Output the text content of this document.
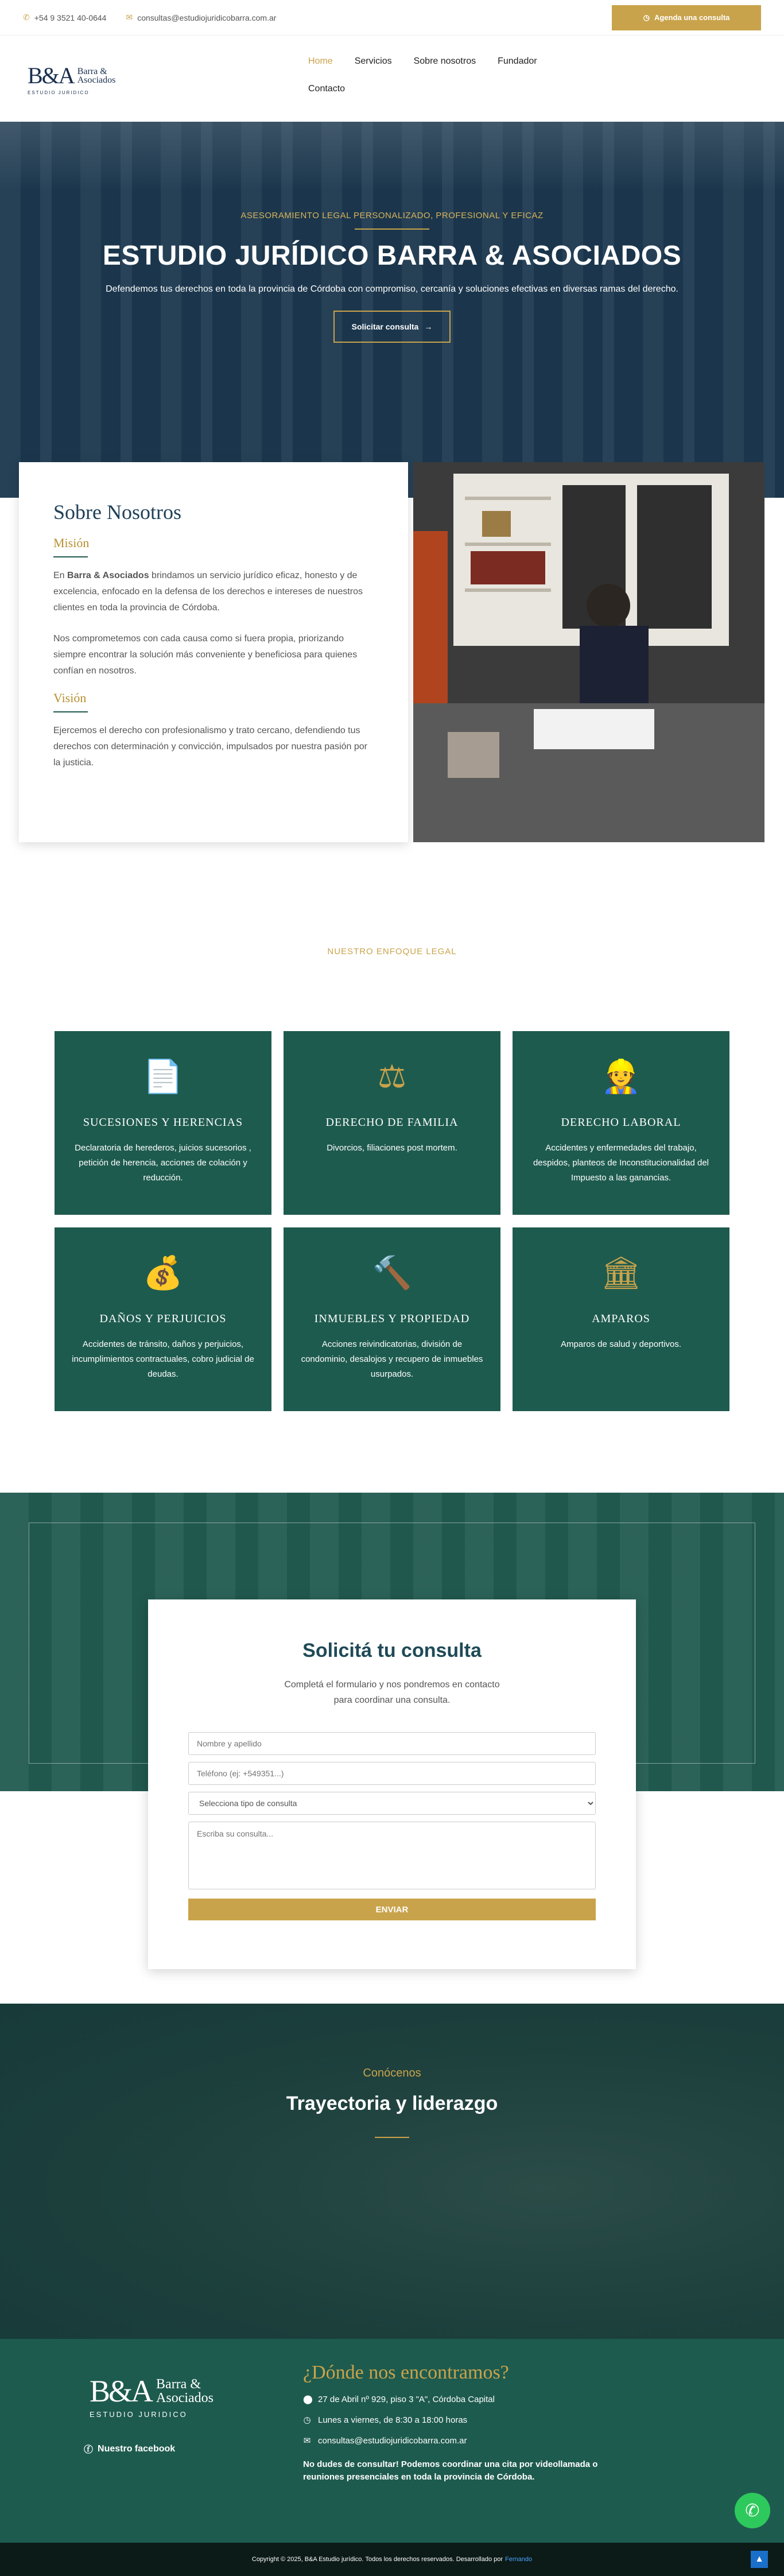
✆ +54 9 3521 40-0644 ✉ consultas@estudiojuridicobarra.com.ar	◷ Agenda una consulta
B&A Barra &
Asociados
ESTUDIO JURIDICO
Home Servicios Sobre nosotros Fundador
Contacto
ASESORAMIENTO LEGAL PERSONALIZADO, PROFESIONAL Y EFICAZ
ESTUDIO JURÍDICO BARRA & ASOCIADOS

Defendemos tus derechos en toda la provincia de Córdoba con compromiso, cercanía y soluciones efectivas en diversas ramas del derecho.

Solicitar consulta →
Sobre Nosotros
Misión

En Barra & Asociados brindamos un servicio jurídico eficaz, honesto y de excelencia, enfocado en la defensa de los derechos e intereses de nuestros clientes en toda la provincia de Córdoba.

Nos comprometemos con cada causa como si fuera propia, priorizando siempre encontrar la solución más conveniente y beneficiosa para quienes confían en nosotros.

Visión

Ejercemos el derecho con profesionalismo y trato cercano, defendiendo tus derechos con determinación y convicción, impulsados por nuestra pasión por la justicia.

NUESTRO ENFOQUE LEGAL
📄
SUCESIONES Y HERENCIAS

Declaratoria de herederos, juicios sucesorios , petición de herencia, acciones de colación y reducción.

⚖
DERECHO DE FAMILIA

Divorcios, filiaciones post mortem.

👷
DERECHO LABORAL

Accidentes y enfermedades del trabajo, despidos, planteos de Inconstitucionalidad del Impuesto a las ganancias.

💰
DAÑOS Y PERJUICIOS

Accidentes de tránsito, daños y perjuicios, incumplimientos contractuales, cobro judicial de deudas.

🔨
INMUEBLES Y PROPIEDAD

Acciones reivindicatorias, división de condominio, desalojos y recupero de inmuebles usurpados.

🏛
AMPAROS

Amparos de salud y deportivos.

Solicitá tu consulta

Completá el formulario y nos pondremos en contacto para coordinar una consulta.

Nombre y apellido
Teléfono (ej: +549351...)
Selecciona tipo de consulta
Escriba su consulta...
ENVIAR
Conócenos
Trayectoria y liderazgo
B&A Barra &
Asociados
ESTUDIO JURIDICO
ⓕ Nuestro facebook
¿Dónde nos encontramos?
⬤ 27 de Abril nº 929, piso 3 "A", Córdoba Capital
◷ Lunes a viernes, de 8:30 a 18:00 horas
✉ consultas@estudiojuridicobarra.com.ar

No dudes de consultar! Podemos coordinar una cita por videollamada o reuniones presenciales en toda la provincia de Córdoba.

✆
Copyright © 2025, B&A Estudio jurídico. Todos los derechos reservados. Desarrollado por Fernando	▲
